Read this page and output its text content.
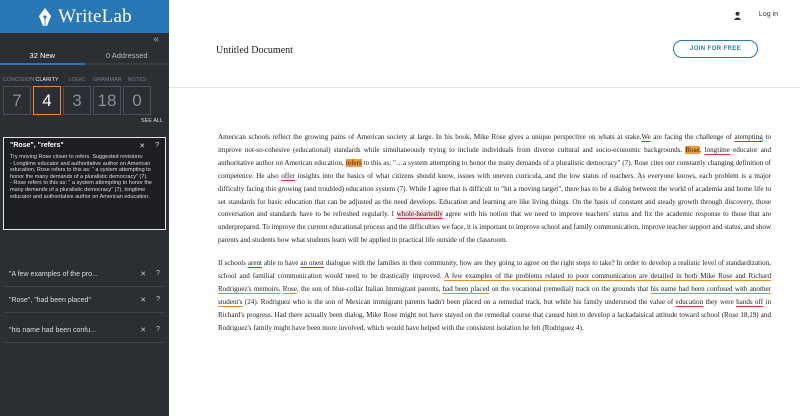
WriteLab
«
32 New	0 Addressed
CONCISION CLARITY	LOGIC	GRAMMAR	NOTES
7	4	3 18 0
SEE ALL
✕ ?
"Rose", "refers"
Try moving Rose closer to refers. Suggested revisions:
- Longtime educator and authoritative author on American education, Rose refers to this as: " a system attempting to honor the many demands of a pluralistic democracy" (7).
- Rose refers to this as: " a system attempting to honor the many demands of a pluralistic democracy" (7), longtime educator and authoritative author on American education.
"A few examples of the pro...	✕ ?
"Rose", "had been placed"	✕ ?
"his name had been confu...	✕ ?
Log in
Untitled Document	JOIN FOR FREE

American schools reflect the growing pains of American society at large. In his book, Mike Rose gives a unique perspective on whats at stake.We are facing the challenge of atempting to improve not-so-cohesive (educational) standards while simultaneously trying to include individuals from diverse cultural and socio-economic backgrounds. Rose, longtime educator and authoritative author on American education, refers to this as: "…a system attempting to honor the many demands of a pluralistic democracy" (7). Rose cites our constantly changing definition of competence. He also offer insights into the basics of what citizens should know, issues with uneven curricula, and the low status of teachers. As everyone knows, each problem is a major difficulty facing this growing (and troubled) education system (7). While I agree that is difficult to "hit a moving target", there has to be a dialog between the world of academia and home life to set standards for basic education that can be adjusted as the need develops. Education and learning are like living things. On the basis of constant and steady growth through discovery, those conversation and standards have to be refreshed regularly. I whole-heartedly agree with his notion that we need to improve teachers' status and fix the academic response to those that are underprepared. To improve the current educational process and the difficulties we face, it is important to improve school and family communication, improve teacher support and status, and show parents and students how what students learn will be applied in practical life outside of the classroom.

If schools arent able to have an onest dialogue with the families in their community, how are they going to agree on the right steps to take? In order to develop a realistic level of standardization, school and familial communication would need to be drastically improved. A few examples of the problems related to poor communication are detailed in both Mike Rose and Richard Rodriguez's memoirs. Rose, the son of blue-collar Italian Immigrant parents, had been placed on the vocational (remedial) track on the grounds that his name had been confused with another student's (24). Rodriguez who is the son of Mexican immigrant parents hadn't been placed on a remedial track, but while his family understood the value of education they were hands off in Richard's progress. Had there actually been dialog, Mike Rose might not have stayed on the remedial course that caused him to develop a lackadaisical attitude toward school (Rose 18,19) and Rodriguez's family might have been more involved, which would have helped with the consistent isolation he felt (Rodriguez 4).
